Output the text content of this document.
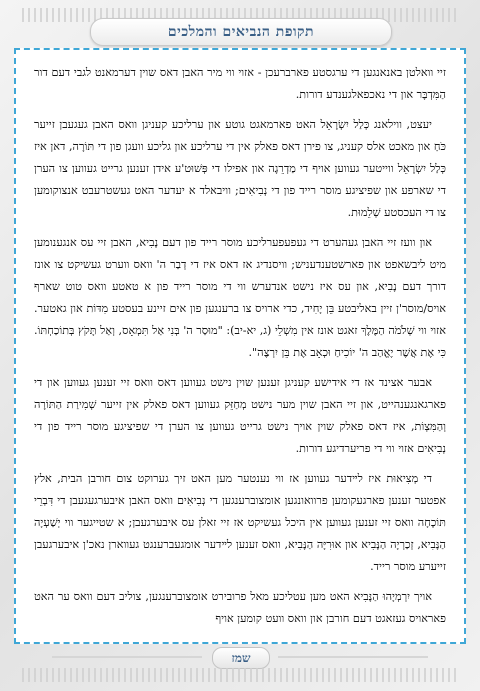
תקופת הנביאים והמלכים

זיי וואלטן באנאנגען די ערגסטע פארברעכן - אזוי ווי מיר האבן דאס שוין דערמאנט לגבי דעם דור הַמִּדְבָּר און די נאכפאלגענדע דורות.

יעצט, ווילאנג כְּלַל יִשְׂרָאֵל האט פארמאגט גוטע און ערליכע קעניגן וואס האבן געגעבן זייער כֹּחַ און מאכט אלס קעניג, צו פירן דאס פאלק אין די ערליכע און גליכע וועגן פון די תּוֹרָה, דאן איז כְּלַל יִשְׂרָאֵל ווייטער געווען אויף די מַדְרֵגָה און אפילו די פְּשׁוּט'ע אידן זענען גרייט געווען צו הערן די שארפע און שפיציגע מוסר רייד פון די נְבִיאִים; וויבאלד א יעדער האט געשטרעבט אנצוקומען צו די העכסטע שְׁלֵמוּת.

און וועז זיי האבן געהערט די געפעפערליכע מוסר רייד פון דעם נָבִיא, האבן זיי עס אנגענומען מיט ליבשאפט און פארשטענדעניש; וויסנדיג אז דאס איז די דְבַר ה' וואס ווערט געשיקט צו אונז דורך דעם נָבִיא, און עס איז נישט אנדערש ווי די מוסר רייד פון א טאטע וואס טוט שארף אויס/מוסר'ן זיין באליבטע בֵּן יָחִיד, כדי ארויס צו ברענגען פון אים זיינע בעסטע מִדּוֹת און גאטער. אזוי ווי שְׁלֹמֹה הַמֶּלֶךְ זאגט אונז אין מִשְׁלֵי (ג, יא-יב): "מוּסַר ה' בְּנִי אַל תִּמְאָס, וְאַל תָּקֹץ בְּתוֹכַחְתּוֹ. כִּי אֶת אֲשֶׁר יֶאֱהַב ה' יוֹכִיחַ וּכְאָב אֶת בֵּן יִרְצֶה".

אבער אצינד אז די אידישע קעניגן זענען שוין נישט געווען דאס וואס זיי זענען געווען און די פארגאנגענהייט, און זיי האבן שוין מער נישט מְחַזֵּק געווען דאס פאלק אין זייער שְׁמִירַת הַתּוֹרָה וְהַמִּצְוֹת, איז דאס פאלק שוין אויך נישט גרייט געווען צו הערן די שפיציגע מוסר רייד פון די נְבִיאִים אזוי ווי די פריערדיגע דורות.

די מְצִיאוּת איז לײדער געווען אז ווי נענטער מען האט זיך גערוקט צום חורבן הבית, אלץ אפטער זענען פארגעקומען פרוואונגען אומצוברענגען די נְבִיאִים וואס האבן איבערגעגעבן די דִּבְרֵי תּוֹכָחָה וואס זיי זענען געווען אין היכל געשיקט אז זיי זאלן עס איבערגעבן; א שטייגער ווי יְשַׁעְיָה הַנָּבִיא, זְכַרְיָה הַנָּבִיא און אוּרִיָּה הַנָּבִיא, וואס זענען לײדער אומגעברענגט געווארן נאכ'ן איבערגעבן זייערע מוסר רייד.

אויך יִרְמְיָהוּ הַנָּבִיא האט מען עטליכע מאל פרובירט אומצוברענגען, צוליב דעם וואס ער האט פאראויס געזאגט דעם חורבן און וואס וועט קומען אויף

שמז
